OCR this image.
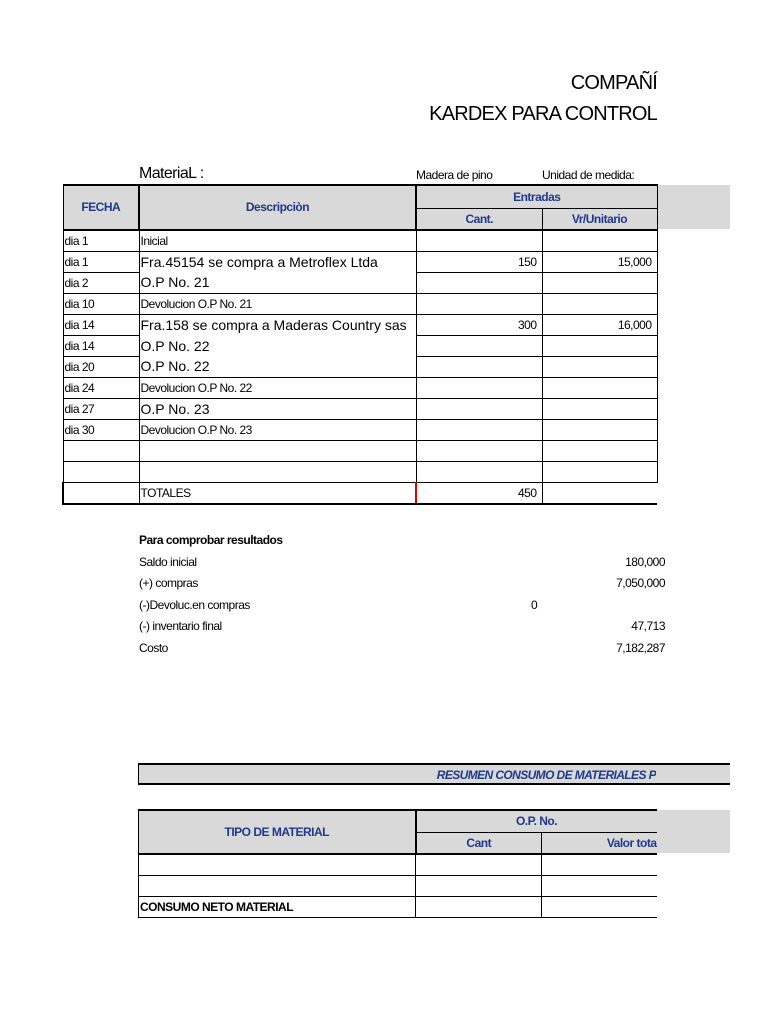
COMPAÑÍ
KARDEX PARA CONTROL
MateriaL :	Madera de pino	Unidad de medida:
FECHA	Descripciòn	Entradas	
		Cant.	Vr/Unitario
dia 1	Inicial		
dia 1	Fra.45154 se compra a Metroflex Ltda	150	15,000
dia 2	O.P No. 21		
dia 10	Devolucion O.P No. 21		
dia 14	Fra.158 se compra a Maderas Country sas	300	16,000
dia 14	O.P No. 22		
dia 20	O.P No. 22		
dia 24	Devolucion O.P No. 22		
dia 27	O.P No. 23		
dia 30	Devolucion O.P No. 23		

	TOTALES	450	
Para comprobar resultados
Saldo inicial	180,000
(+) compras	7,050,000
(-)Devoluc.en compras	0
(-) inventario final	47,713
Costo	7,182,287
RESUMEN CONSUMO DE MATERIALES P
TIPO DE MATERIAL	O.P. No.	
	Cant	Valor tota

CONSUMO NETO MATERIAL		
